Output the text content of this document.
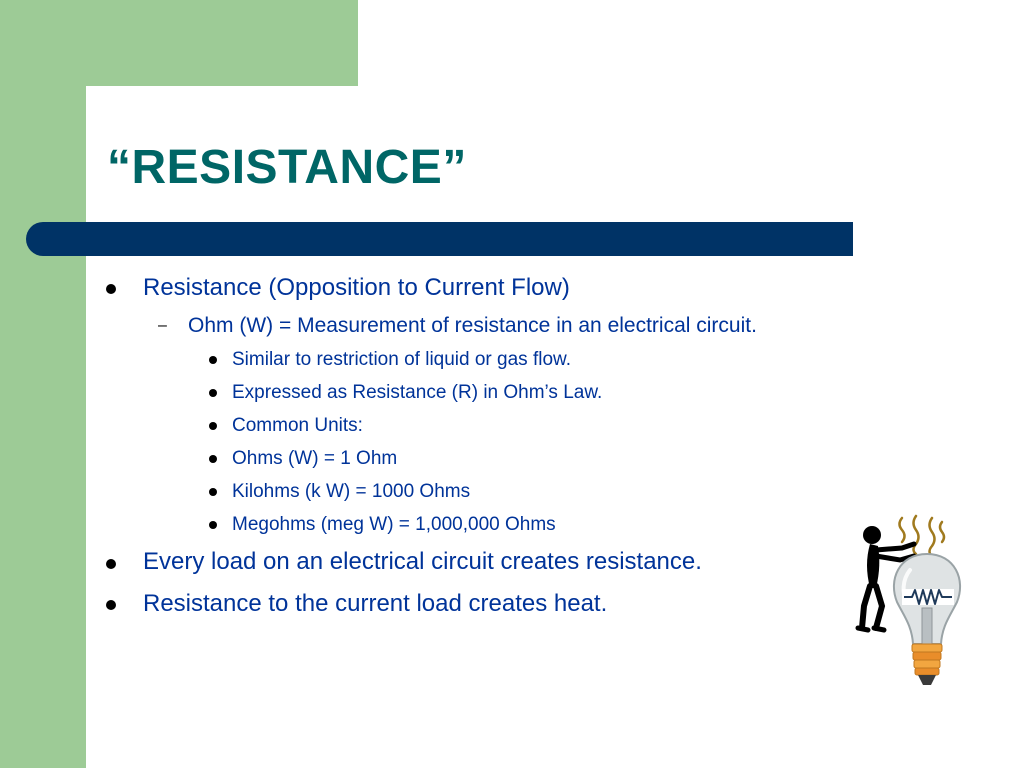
“RESISTANCE”
Resistance (Opposition to Current Flow)
– Ohm (W) = Measurement of resistance in an electrical circuit.
Similar to restriction of liquid or gas flow.
Expressed as Resistance (R) in Ohm’s Law.
Common Units:
Ohms (W) = 1 Ohm
Kilohms (k W) = 1000 Ohms
Megohms (meg W) = 1,000,000 Ohms
Every load on an electrical circuit creates resistance.
Resistance to the current load creates heat.
